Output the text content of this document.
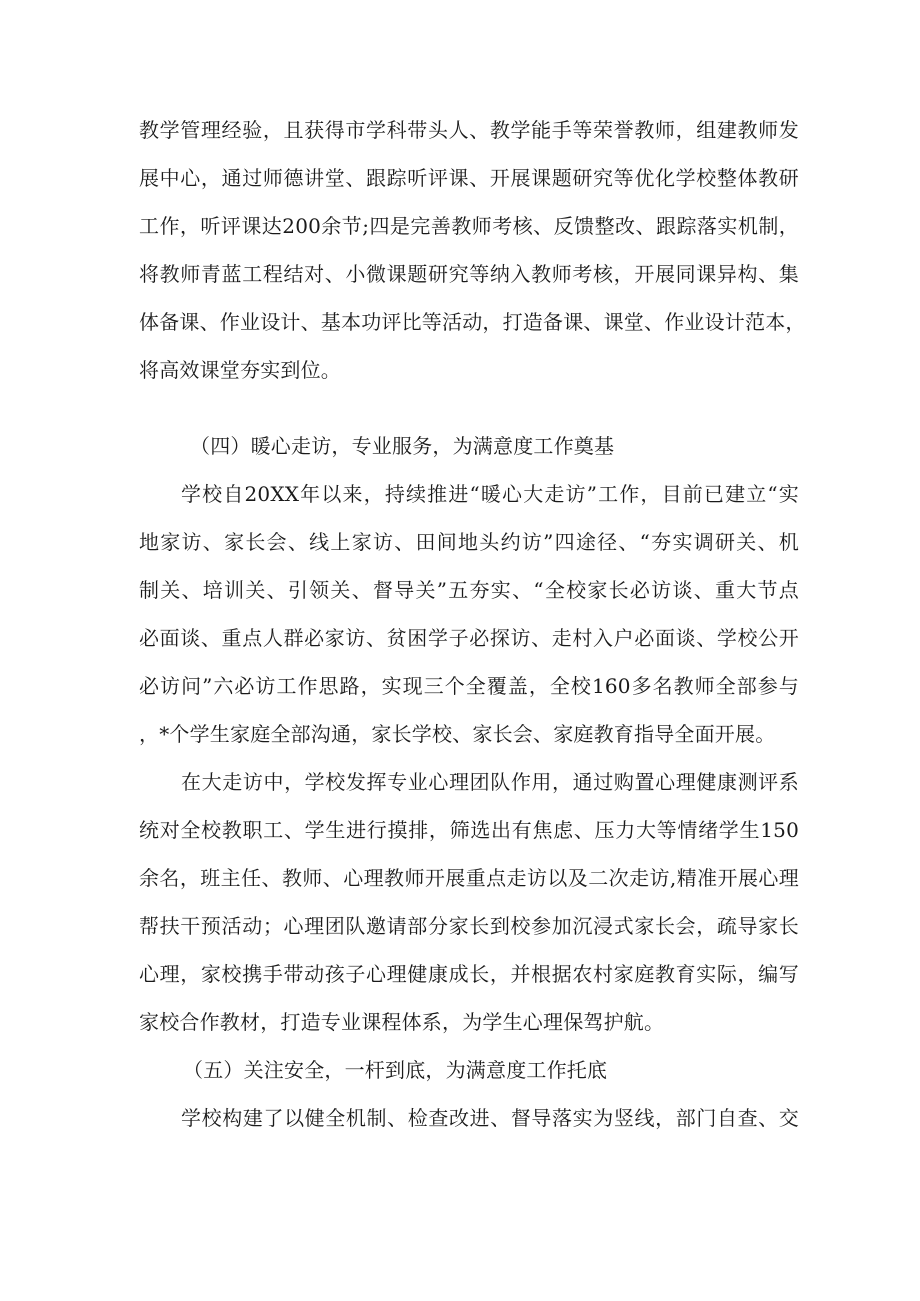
教学管理经验，且获得市学科带头人、教学能手等荣誉教师，组建教师发
展中心，通过师德讲堂、跟踪听评课、开展课题研究等优化学校整体教研
工作，听评课达200余节;四是完善教师考核、反馈整改、跟踪落实机制，
将教师青蓝工程结对、小微课题研究等纳入教师考核，开展同课异构、集
体备课、作业设计、基本功评比等活动，打造备课、课堂、作业设计范本，
将高效课堂夯实到位。
（四）暖心走访，专业服务，为满意度工作奠基
学校自20XX年以来，持续推进“暖心大走访”工作，目前已建立“实
地家访、家长会、线上家访、田间地头约访”四途径、“夯实调研关、机
制关、培训关、引领关、督导关”五夯实、“全校家长必访谈、重大节点
必面谈、重点人群必家访、贫困学子必探访、走村入户必面谈、学校公开
必访问”六必访工作思路，实现三个全覆盖，全校160多名教师全部参与
，*个学生家庭全部沟通，家长学校、家长会、家庭教育指导全面开展。
在大走访中，学校发挥专业心理团队作用，通过购置心理健康测评系
统对全校教职工、学生进行摸排，筛选出有焦虑、压力大等情绪学生150
余名，班主任、教师、心理教师开展重点走访以及二次走访,精准开展心理
帮扶干预活动；心理团队邀请部分家长到校参加沉浸式家长会，疏导家长
心理，家校携手带动孩子心理健康成长，并根据农村家庭教育实际，编写
家校合作教材，打造专业课程体系，为学生心理保驾护航。
（五）关注安全，一杆到底，为满意度工作托底
学校构建了以健全机制、检查改进、督导落实为竖线，部门自查、交
